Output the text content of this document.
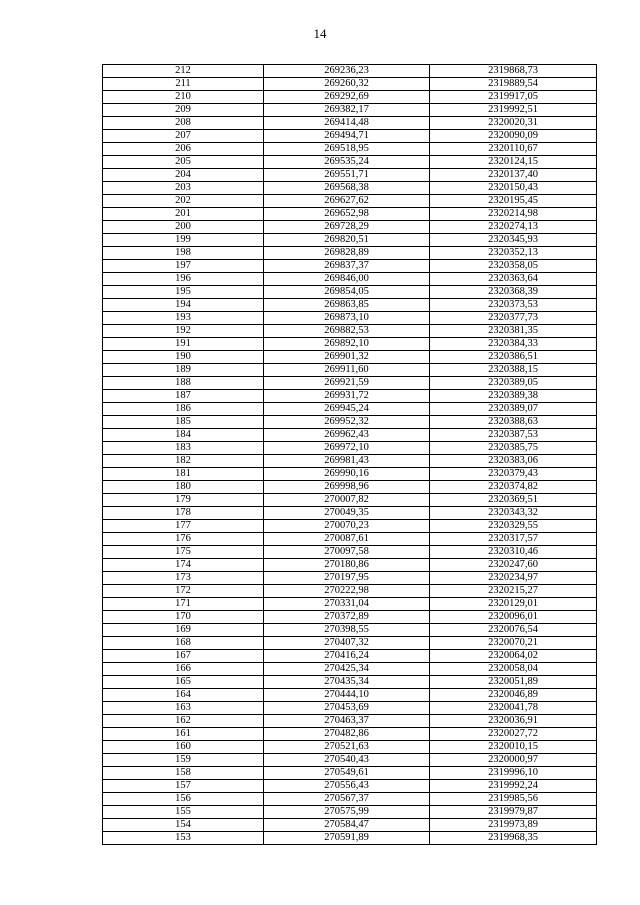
14
212	269236,23	2319868,73
211	269260,32	2319889,54
210	269292,69	2319917,05
209	269382,17	2319992,51
208	269414,48	2320020,31
207	269494,71	2320090,09
206	269518,95	2320110,67
205	269535,24	2320124,15
204	269551,71	2320137,40
203	269568,38	2320150,43
202	269627,62	2320195,45
201	269652,98	2320214,98
200	269728,29	2320274,13
199	269820,51	2320345,93
198	269828,89	2320352,13
197	269837,37	2320358,05
196	269846,00	2320363,64
195	269854,05	2320368,39
194	269863,85	2320373,53
193	269873,10	2320377,73
192	269882,53	2320381,35
191	269892,10	2320384,33
190	269901,32	2320386,51
189	269911,60	2320388,15
188	269921,59	2320389,05
187	269931,72	2320389,38
186	269945,24	2320389,07
185	269952,32	2320388,63
184	269962,43	2320387,53
183	269972,10	2320385,75
182	269981,43	2320383,06
181	269990,16	2320379,43
180	269998,96	2320374,82
179	270007,82	2320369,51
178	270049,35	2320343,32
177	270070,23	2320329,55
176	270087,61	2320317,57
175	270097,58	2320310,46
174	270180,86	2320247,60
173	270197,95	2320234,97
172	270222,98	2320215,27
171	270331,04	2320129,01
170	270372,89	2320096,01
169	270398,55	2320076,54
168	270407,32	2320070,21
167	270416,24	2320064,02
166	270425,34	2320058,04
165	270435,34	2320051,89
164	270444,10	2320046,89
163	270453,69	2320041,78
162	270463,37	2320036,91
161	270482,86	2320027,72
160	270521,63	2320010,15
159	270540,43	2320000,97
158	270549,61	2319996,10
157	270556,43	2319992,24
156	270567,37	2319985,56
155	270575,99	2319979,87
154	270584,47	2319973,89
153	270591,89	2319968,35
